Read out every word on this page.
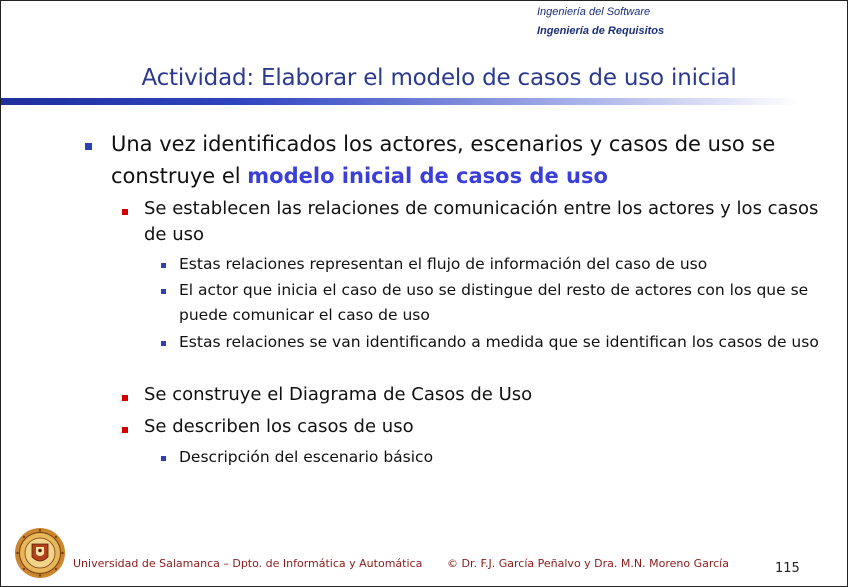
Ingeniería del Software
Ingeniería de Requisitos
Actividad: Elaborar el modelo de casos de uso inicial
Una vez identificados los actores, escenarios y casos de uso se construye el modelo inicial de casos de uso
Se establecen las relaciones de comunicación entre los actores y los casos de uso
Estas relaciones representan el flujo de información del caso de uso
El actor que inicia el caso de uso se distingue del resto de actores con los que se puede comunicar el caso de uso
Estas relaciones se van identificando a medida que se identifican los casos de uso
Se construye el Diagrama de Casos de Uso
Se describen los casos de uso
Descripción del escenario básico
Universidad de Salamanca – Dpto. de Informática y Automática © Dr. F.J. García Peñalvo y Dra. M.N. Moreno García	115
